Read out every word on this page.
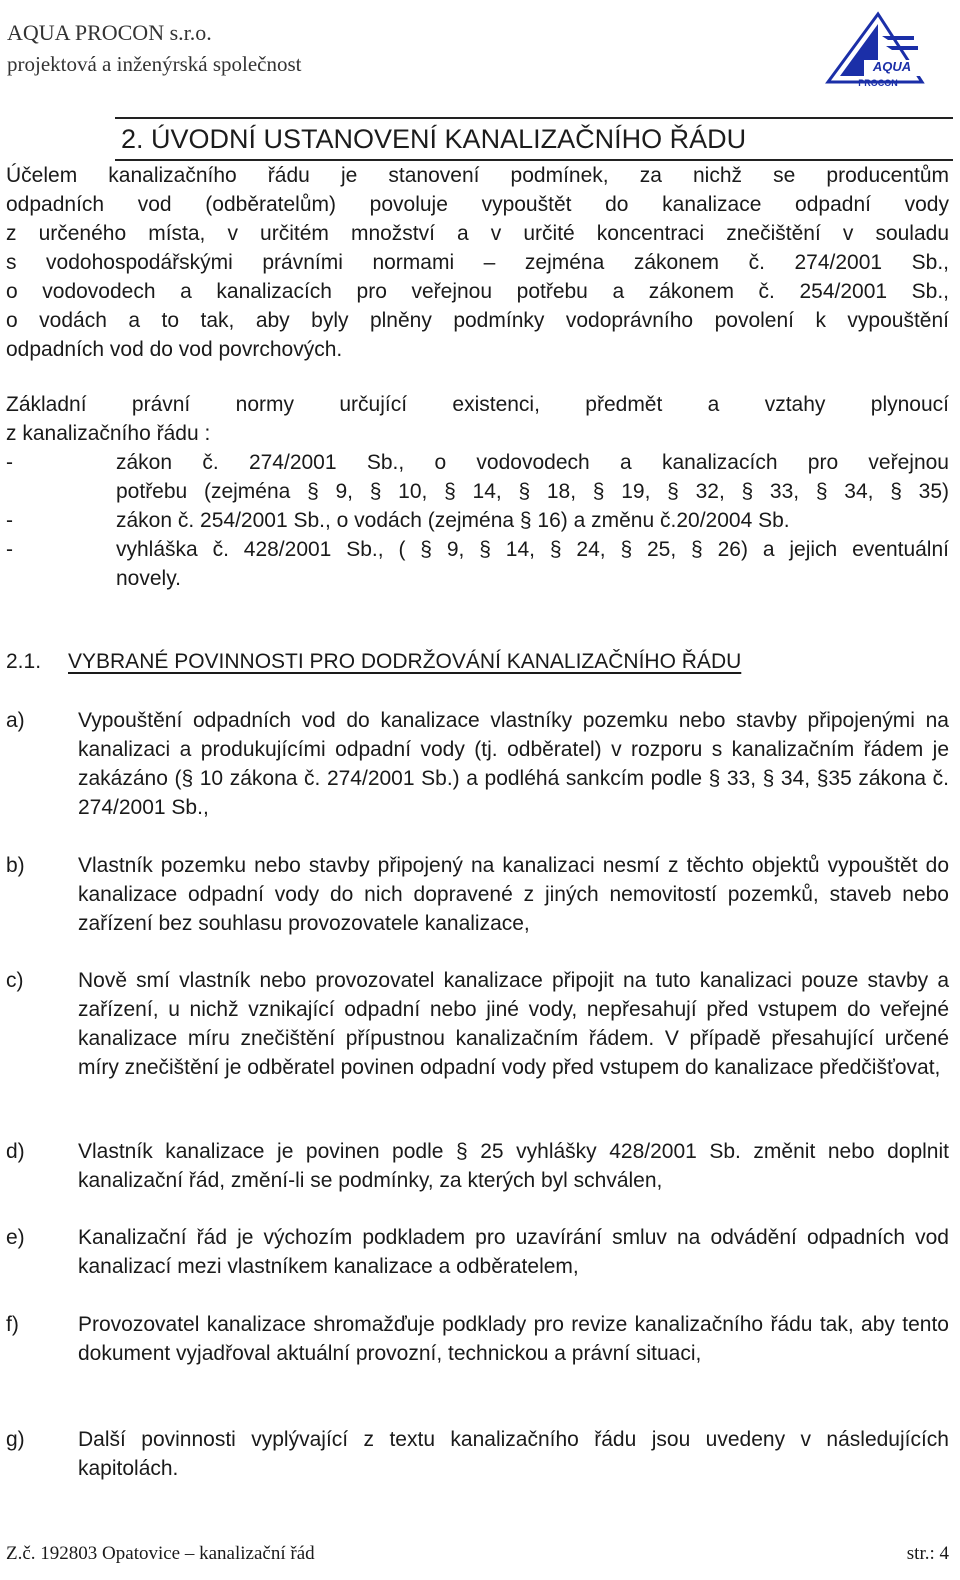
AQUA PROCON s.r.o.
projektová a inženýrská společnost	AQUA
PROCON
2. ÚVODNÍ USTANOVENÍ KANALIZAČNÍHO ŘÁDU
Účelem kanalizačního řádu je stanovení podmínek, za nichž se producentům
odpadních vod (odběratelům) povoluje vypouštět do kanalizace odpadní vody
z určeného místa, v určitém množství a v určité koncentraci znečištění v souladu
s vodohospodářskými právními normami – zejména zákonem č. 274/2001 Sb.,
o vodovodech a kanalizacích pro veřejnou potřebu a zákonem č. 254/2001 Sb.,
o vodách a to tak, aby byly plněny podmínky vodoprávního povolení k vypouštění
odpadních vod do vod povrchových.
Základní právní normy určující existenci, předmět a vztahy plynoucí
z kanalizačního řádu :
-	zákon č. 274/2001 Sb., o vodovodech a kanalizacích pro veřejnou
potřebu (zejména § 9, § 10, § 14, § 18, § 19, § 32, § 33, § 34, § 35)
-	zákon č. 254/2001 Sb., o vodách (zejména § 16) a změnu č.20/2004 Sb.
-	vyhláška č. 428/2001 Sb., ( § 9, § 14, § 24, § 25, § 26) a jejich eventuální
novely.
2.1. VYBRANÉ POVINNOSTI PRO DODRŽOVÁNÍ KANALIZAČNÍHO ŘÁDU
a)	Vypouštění odpadních vod do kanalizace vlastníky pozemku nebo stavby připojenými na kanalizaci a produkujícími odpadní vody (tj. odběratel) v rozporu s kanalizačním řádem je zakázáno (§ 10 zákona č. 274/2001 Sb.) a podléhá sankcím podle § 33, § 34, §35 zákona č. 274/2001 Sb.,
b)	Vlastník pozemku nebo stavby připojený na kanalizaci nesmí z těchto objektů vypouštět do kanalizace odpadní vody do nich dopravené z jiných nemovitostí pozemků, staveb nebo zařízení bez souhlasu provozovatele kanalizace,
c)	Nově smí vlastník nebo provozovatel kanalizace připojit na tuto kanalizaci pouze stavby a zařízení, u nichž vznikající odpadní nebo jiné vody, nepřesahují před vstupem do veřejné kanalizace míru znečištění přípustnou kanalizačním řádem. V případě přesahující určené míry znečištění je odběratel povinen odpadní vody před vstupem do kanalizace předčišťovat,
d)	Vlastník kanalizace je povinen podle § 25 vyhlášky 428/2001 Sb. změnit nebo doplnit kanalizační řád, změní-li se podmínky, za kterých byl schválen,
e)	Kanalizační řád je výchozím podkladem pro uzavírání smluv na odvádění odpadních vod kanalizací mezi vlastníkem kanalizace a odběratelem,
f)	Provozovatel kanalizace shromažďuje podklady pro revize kanalizačního řádu tak, aby tento dokument vyjadřoval aktuální provozní, technickou a právní situaci,
g)	Další povinnosti vyplývající z textu kanalizačního řádu jsou uvedeny v následujících kapitolách.
Z.č. 192803 Opatovice – kanalizační řád	str.: 4
